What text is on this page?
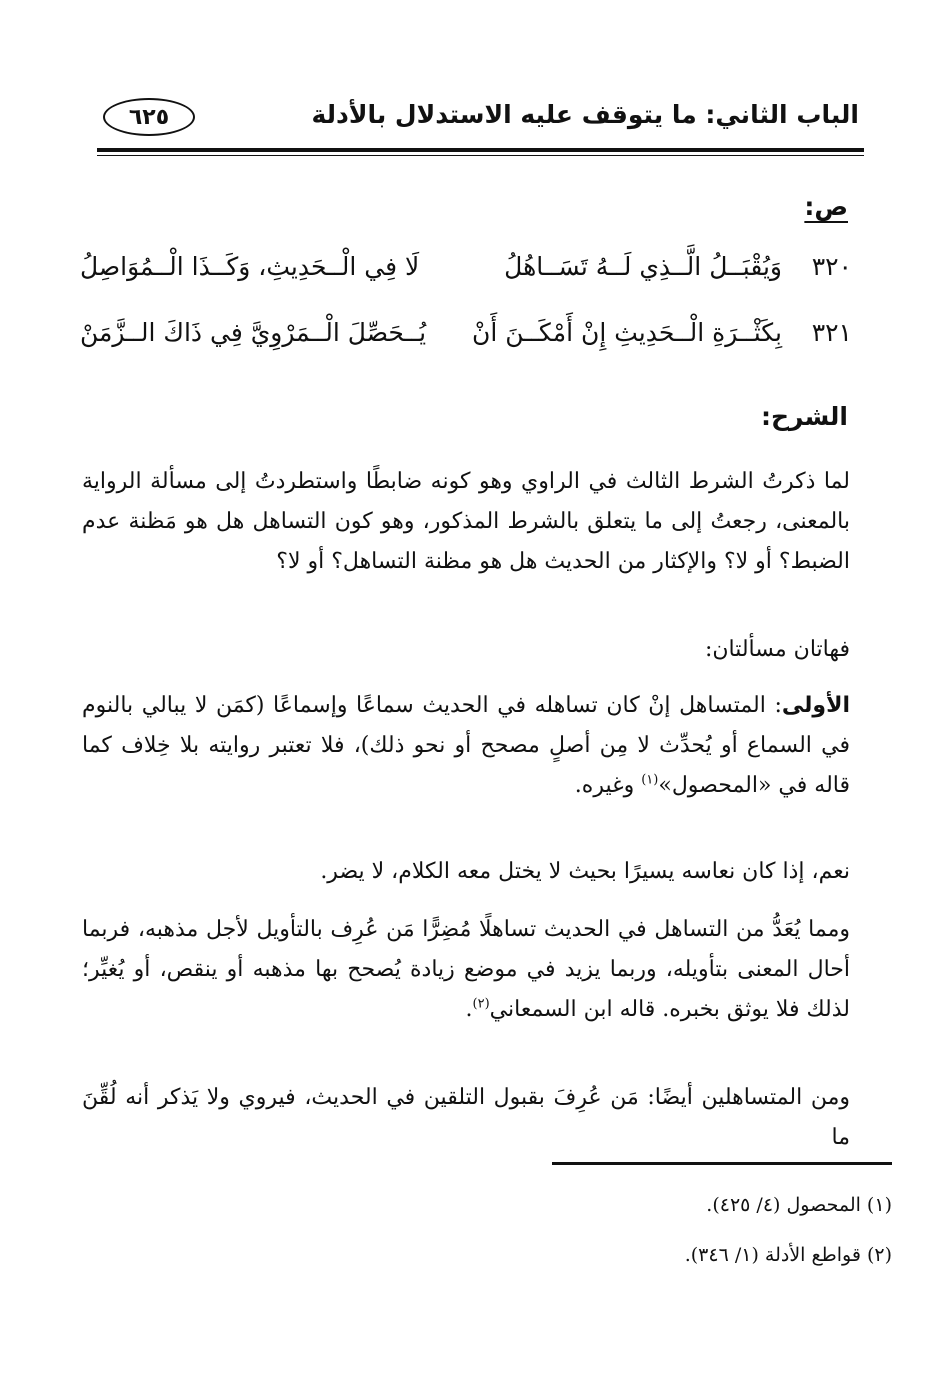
الباب الثاني: ما يتوقف عليه الاستدلال بالأدلة
٦٢٥
ص:
٣٢٠
وَيُقْبَــلُ الَّــذِي لَــهُ تَسَــاهُلُ
لَا فِي الْــحَدِيثِ، وَكَــذَا الْــمُوَاصِلُ
٣٢١
بِكَثْــرَةِ الْــحَدِيثِ إِنْ أَمْكَــنَ أَنْ
يُــحَصِّلَ الْــمَرْوِيَّ فِي ذَاكَ الــزَّمَنْ
الشرح:
لما ذكرتُ الشرط الثالث في الراوي وهو كونه ضابطًا واستطردتُ إلى مسألة الرواية بالمعنى، رجعتُ إلى ما يتعلق بالشرط المذكور، وهو كون التساهل هل هو مَظنة عدم الضبط؟ أو لا؟ والإكثار من الحديث هل هو مظنة التساهل؟ أو لا؟
فهاتان مسألتان:
الأولى: المتساهل إنْ كان تساهله في الحديث سماعًا وإسماعًا (كمَن لا يبالي بالنوم في السماع أو يُحدِّث لا مِن أصلٍ مصحح أو نحو ذلك)، فلا تعتبر روايته بلا خِلاف كما قاله في «المحصول»$^{(١)}$ وغيره.
نعم، إذا كان نعاسه يسيرًا بحيث لا يختل معه الكلام، لا يضر.
ومما يُعَدُّ من التساهل في الحديث تساهلًا مُضِرًّا مَن عُرِف بالتأويل لأجل مذهبه، فربما أحال المعنى بتأويله، وربما يزيد في موضع زيادة يُصحح بها مذهبه أو ينقص، أو يُغيِّر؛ لذلك فلا يوثق بخبره. قاله ابن السمعاني$^{(٢)}$.
ومن المتساهلين أيضًا: مَن عُرِفَ بقبول التلقين في الحديث، فيروي ولا يَذكر أنه لُقِّنَ ما
(١) المحصول (٤/ ٤٢٥).
(٢) قواطع الأدلة (١/ ٣٤٦).
